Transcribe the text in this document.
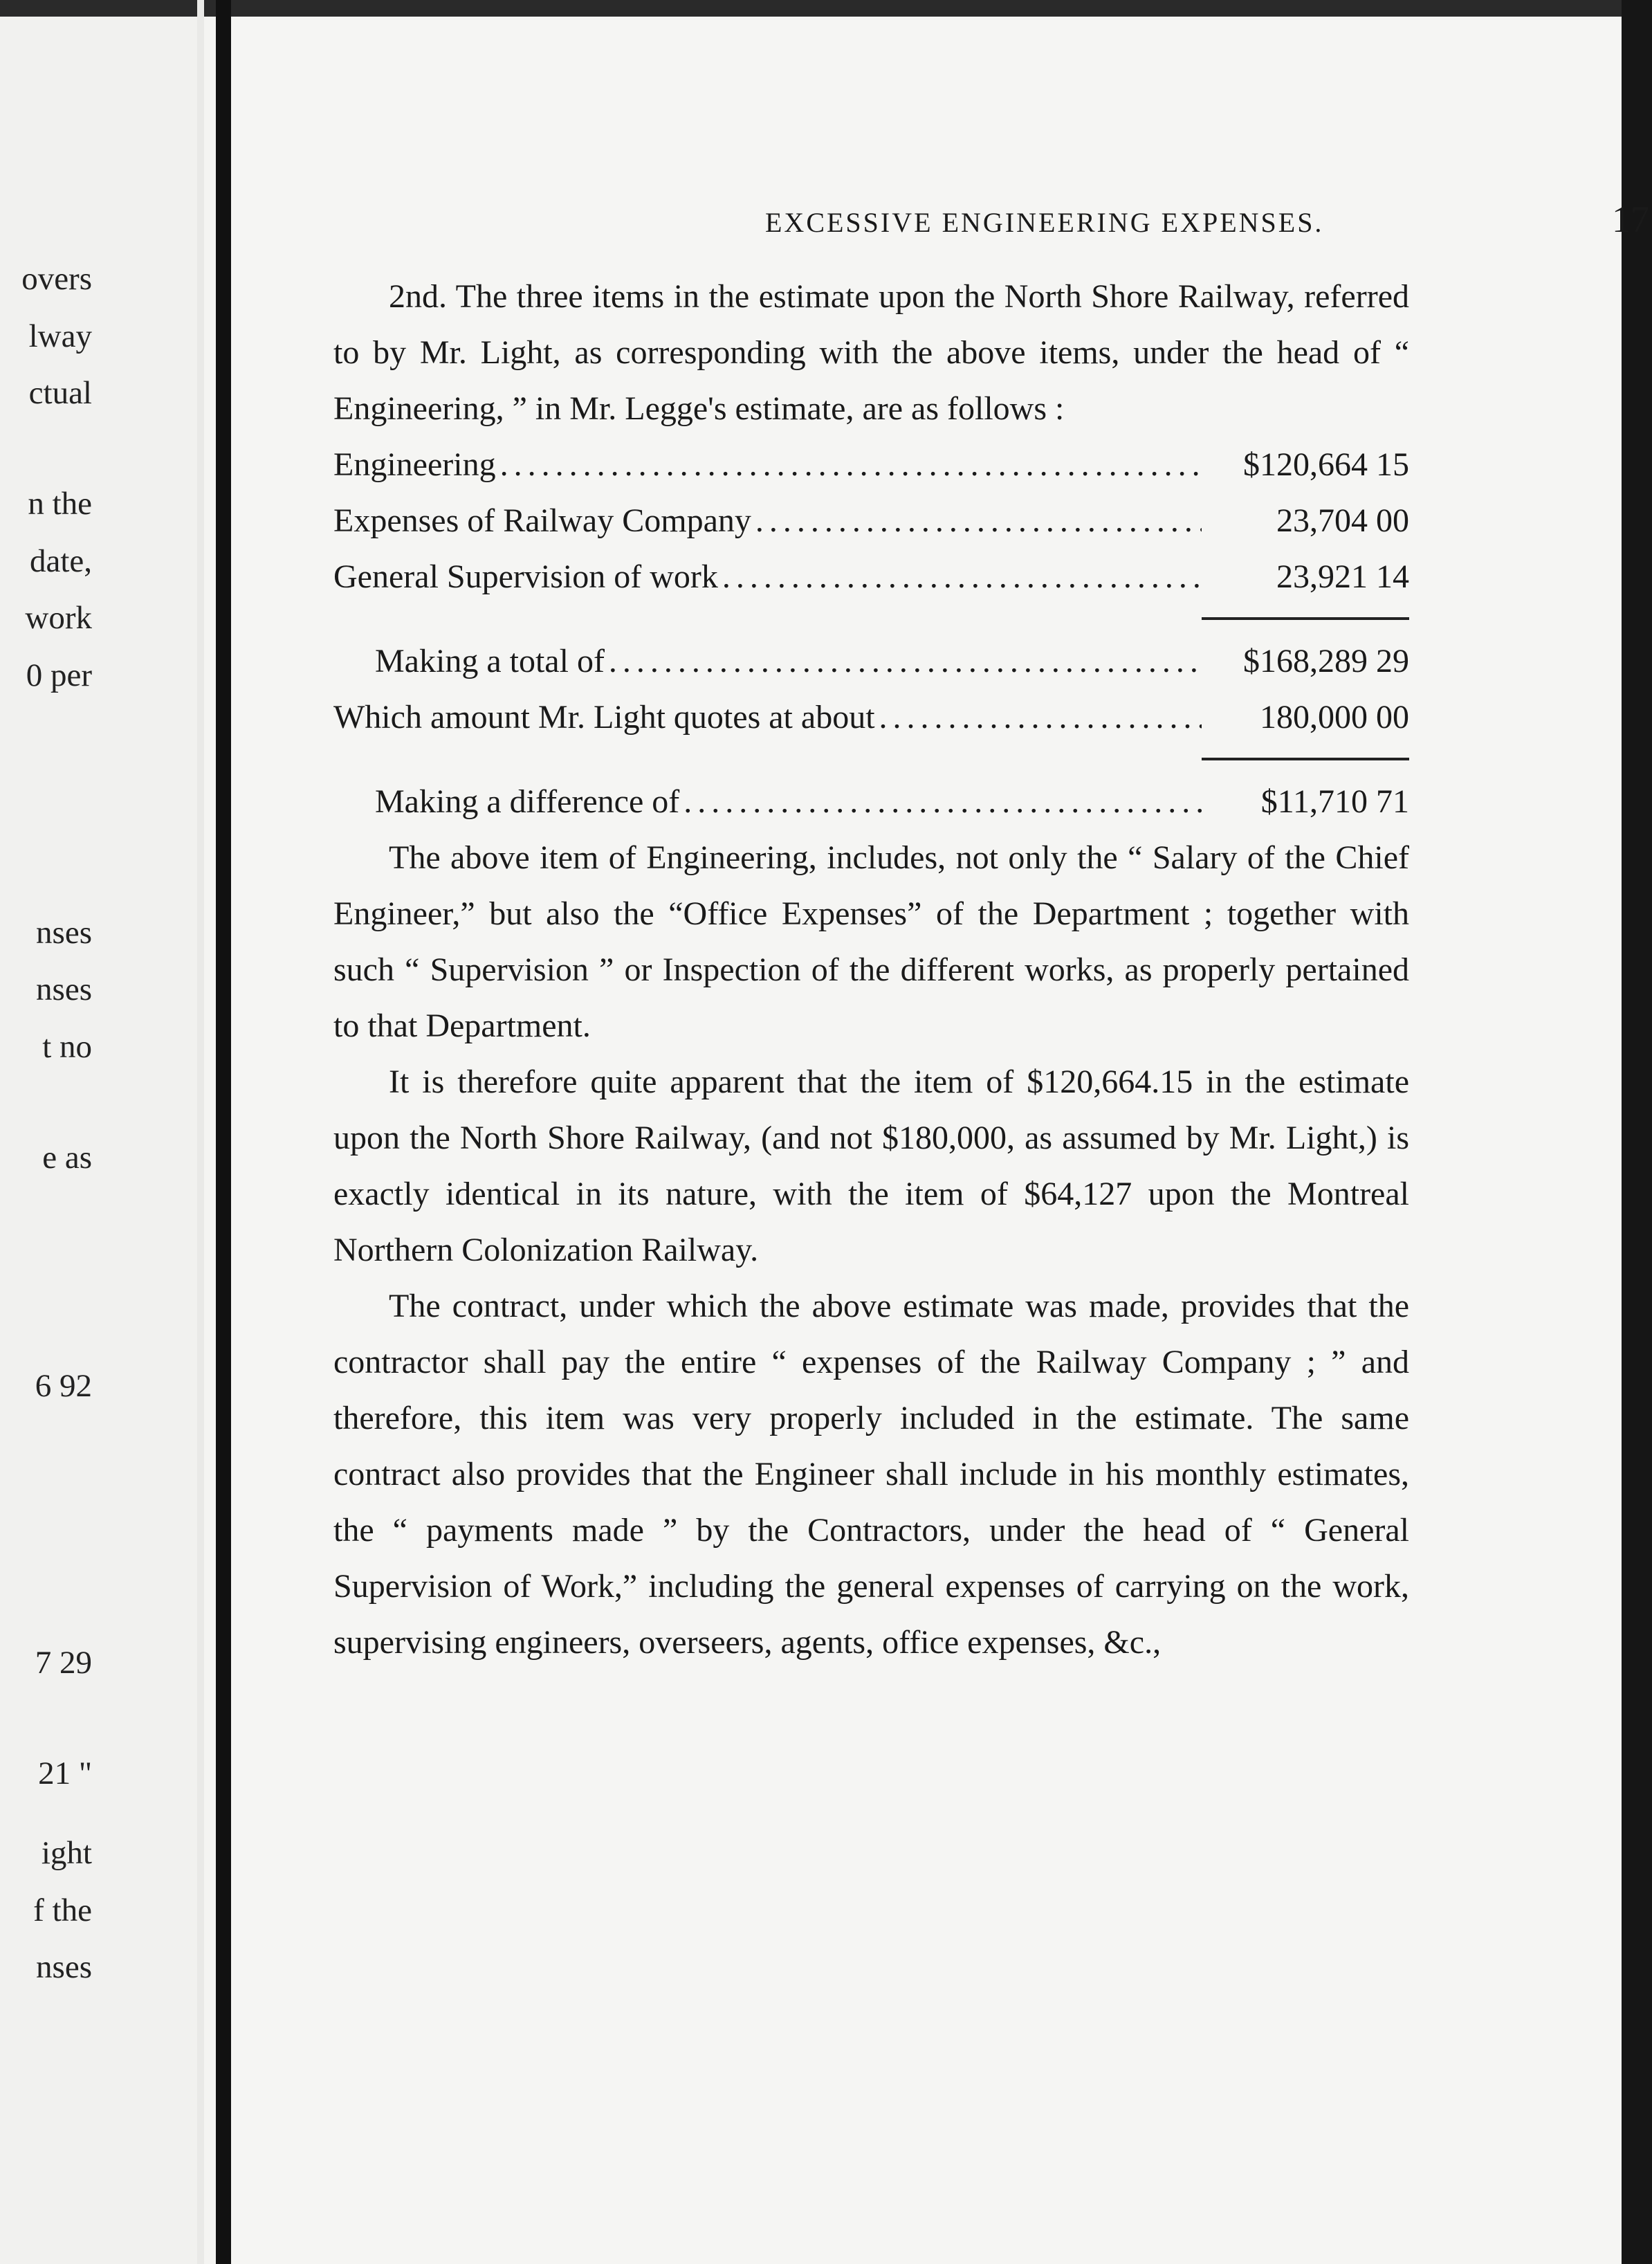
overs
lway
ctual
n the
date,
work
0 per
nses
nses
t no
e as
6 92
7 29
21 "
ight
f the
nses
EXCESSIVE ENGINEERING EXPENSES.	17

2nd. The three items in the estimate upon the North Shore Railway, referred to by Mr. Light, as corresponding with the above items, under the head of “ Engineering, ” in Mr. Legge's estimate, are as follows :

Engineering . . .	$120,664 15
Expenses of Railway Company . . .	23,704 00
General Supervision of work . . .	23,921 14
Making a total of . . .	$168,289 29
Which amount Mr. Light quotes at about . . .	180,000 00
Making a difference of . . .	$11,710 71

The above item of Engineering, includes, not only the “ Salary of the Chief Engineer,” but also the “Office Expenses” of the Department ; together with such “ Supervision ” or Inspection of the different works, as properly pertained to that Department.

It is therefore quite apparent that the item of $120,664.15 in the estimate upon the North Shore Railway, (and not $180,000, as assumed by Mr. Light,) is exactly identical in its nature, with the item of $64,127 upon the Montreal Northern Colonization Railway.

The contract, under which the above estimate was made, provides that the contractor shall pay the entire “ expenses of the Railway Company ; ” and therefore, this item was very properly included in the estimate. The same contract also provides that the Engineer shall include in his monthly estimates, the “ payments made ” by the Contractors, under the head of “ General Supervision of Work,” including the general expenses of carrying on the work, supervising engineers, overseers, agents, office expenses, &c.,
